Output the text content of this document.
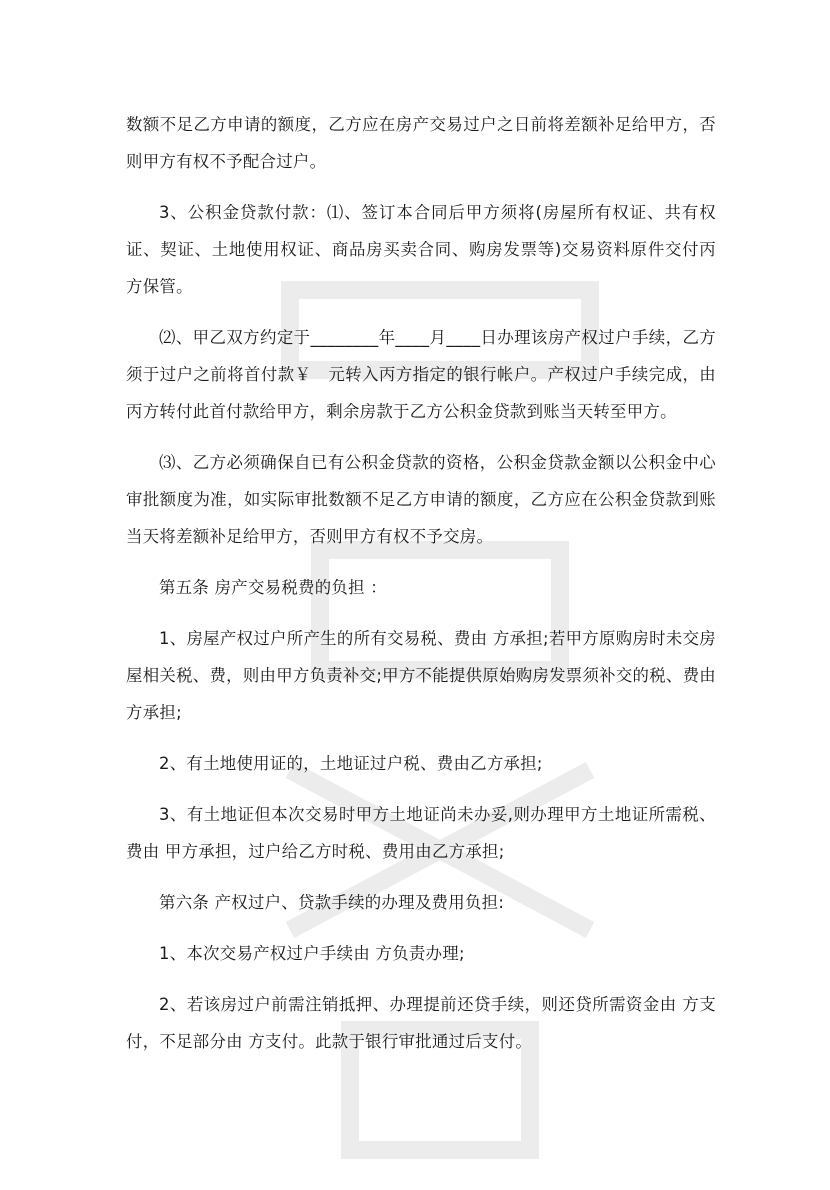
数额不足乙方申请的额度，乙方应在房产交易过户之日前将差额补足给甲方，否则甲方有权不予配合过户。

3、公积金贷款付款：⑴、签订本合同后甲方须将(房屋所有权证、共有权证、契证、土地使用权证、商品房买卖合同、购房发票等)交易资料原件交付丙方保管。

⑵、甲乙双方约定于________年____月____日办理该房产权过户手续，乙方须于过户之前将首付款￥　元转入丙方指定的银行帐户。产权过户手续完成，由丙方转付此首付款给甲方，剩余房款于乙方公积金贷款到账当天转至甲方。

⑶、乙方必须确保自已有公积金贷款的资格，公积金贷款金额以公积金中心审批额度为准，如实际审批数额不足乙方申请的额度，乙方应在公积金贷款到账当天将差额补足给甲方，否则甲方有权不予交房。

第五条 房产交易税费的负担 ：

1、房屋产权过户所产生的所有交易税、费由 方承担;若甲方原购房时未交房屋相关税、费，则由甲方负责补交;甲方不能提供原始购房发票须补交的税、费由 方承担;

2、有土地使用证的，土地证过户税、费由乙方承担;

3、有土地证但本次交易时甲方土地证尚未办妥,则办理甲方土地证所需税、费由 甲方承担，过户给乙方时税、费用由乙方承担;

第六条 产权过户、贷款手续的办理及费用负担:

1、本次交易产权过户手续由 方负责办理;

2、若该房过户前需注销抵押、办理提前还贷手续，则还贷所需资金由 方支付，不足部分由 方支付。此款于银行审批通过后支付。
